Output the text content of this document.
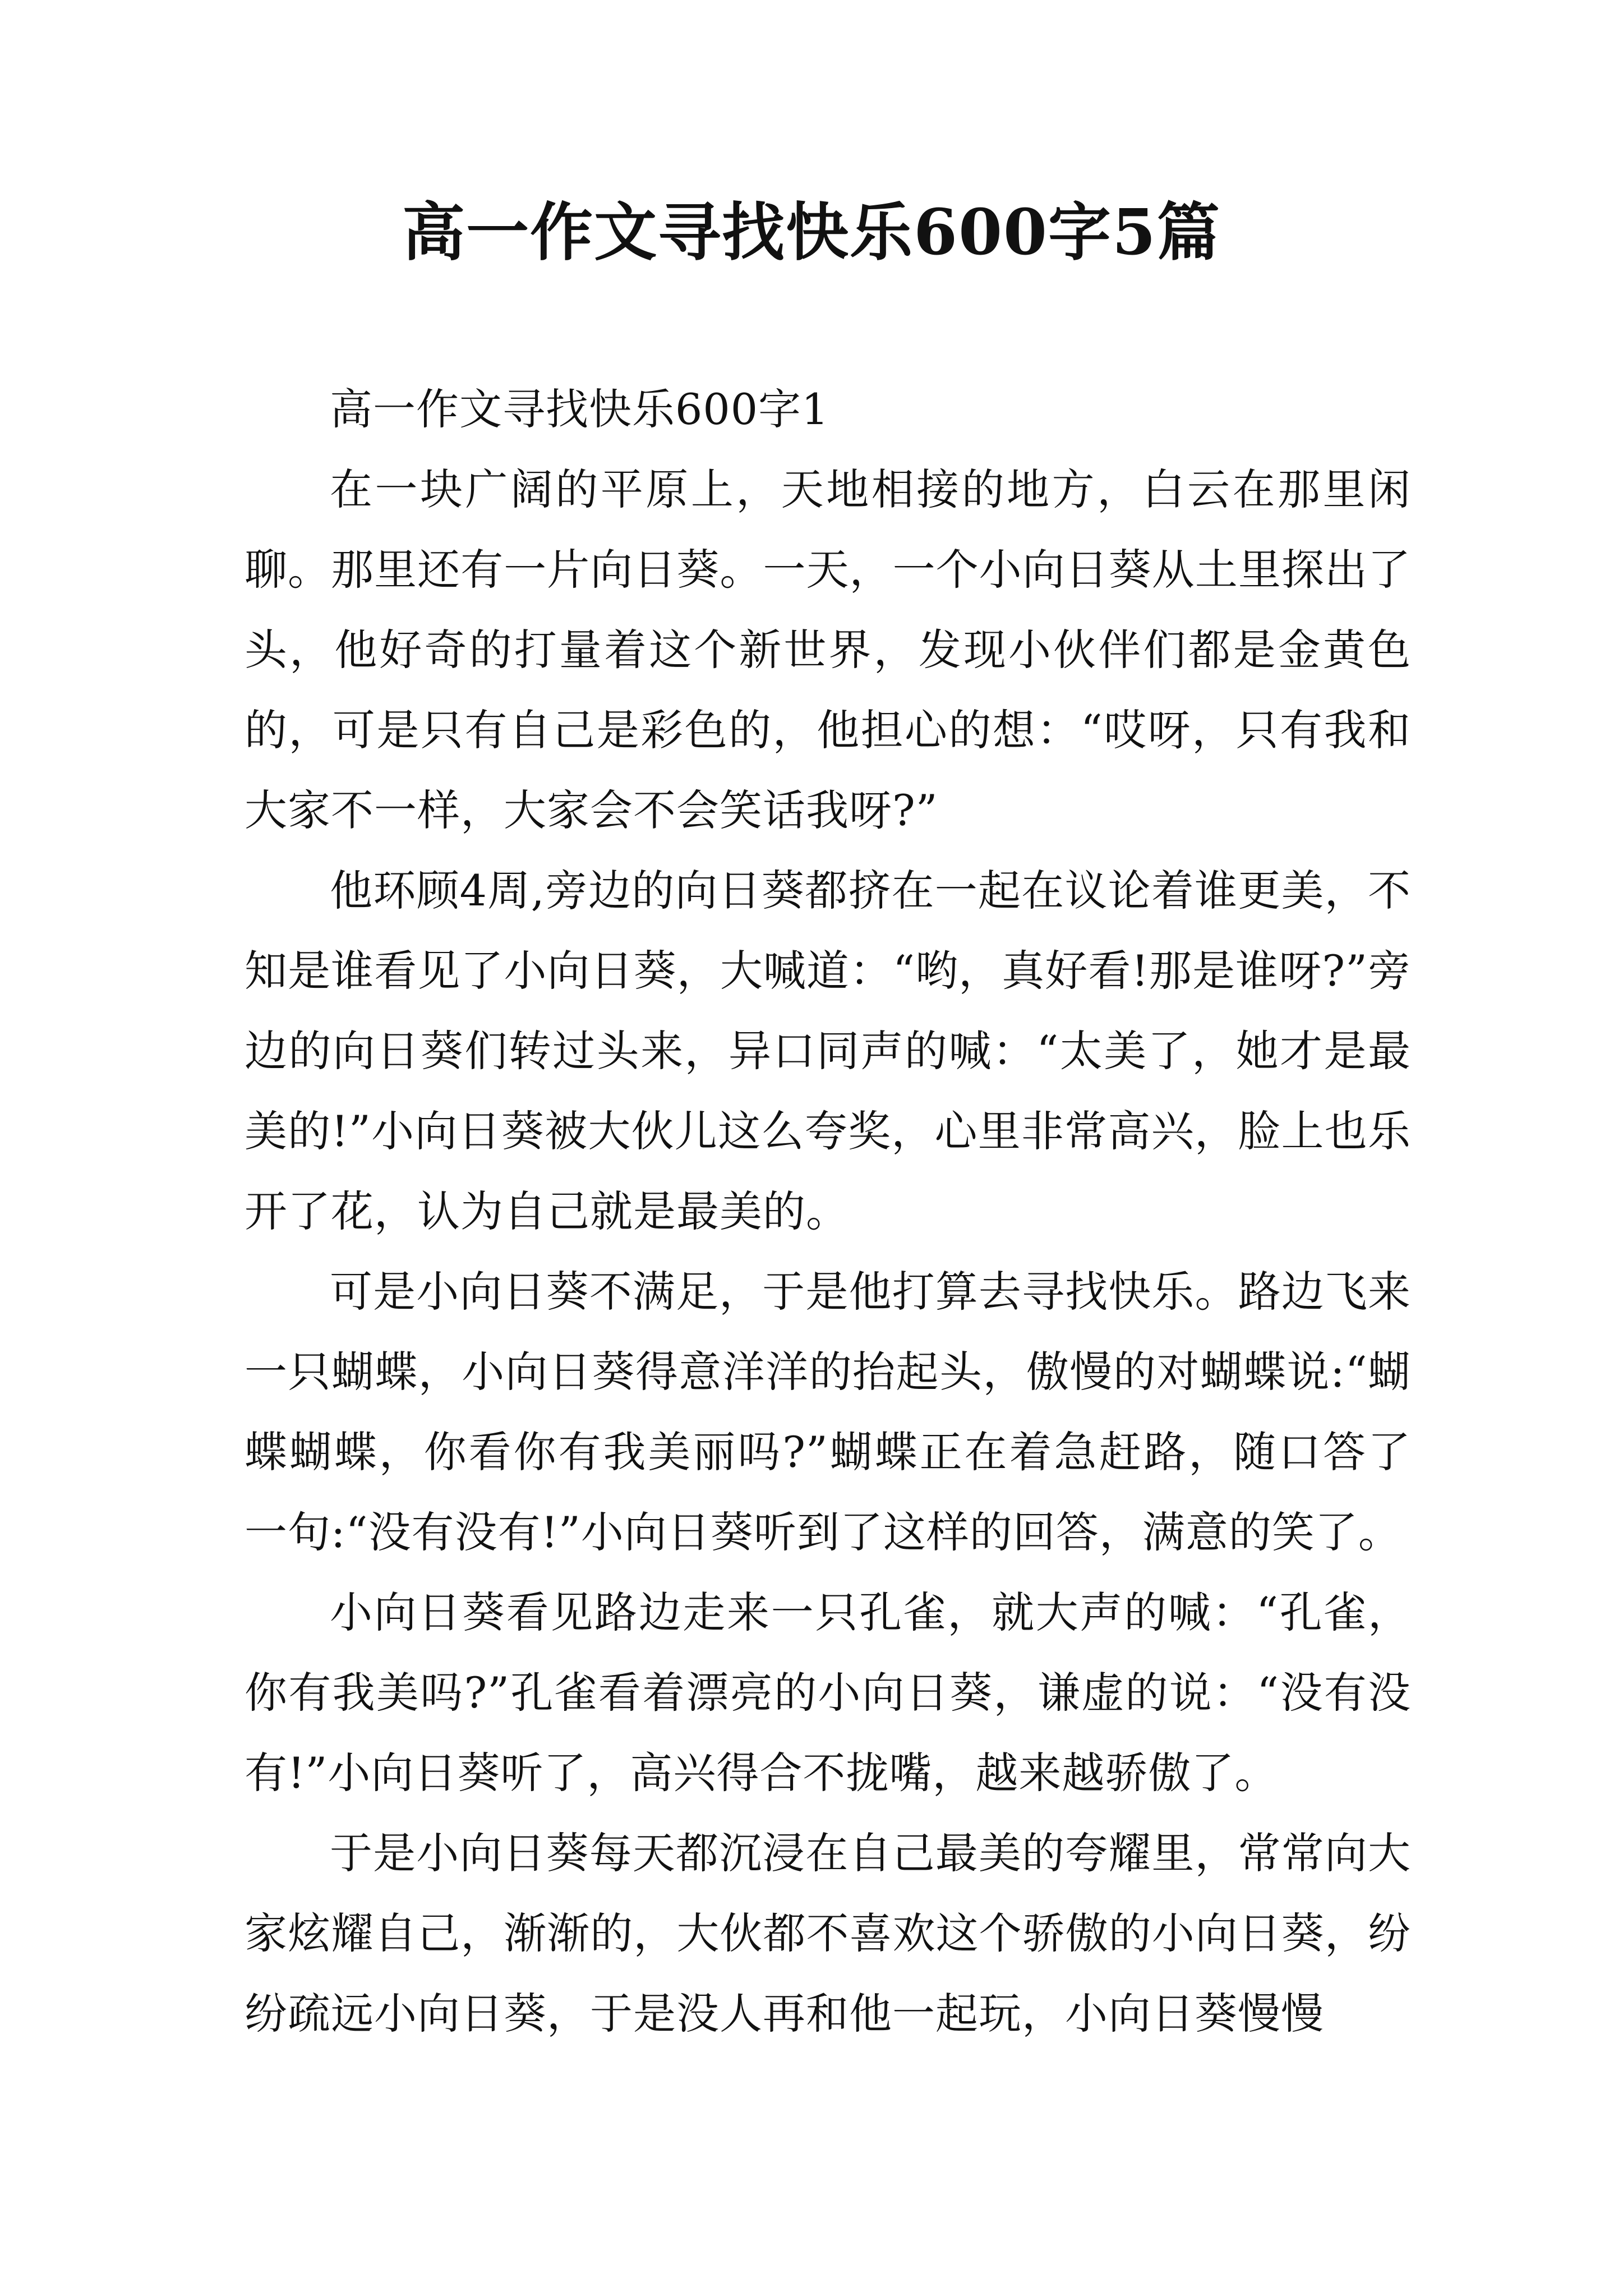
高一作文寻找快乐600字5篇

高一作文寻找快乐600字1

在一块广阔的平原上，天地相接的地方，白云在那里闲聊。那里还有一片向日葵。一天，一个小向日葵从土里探出了头，他好奇的打量着这个新世界，发现小伙伴们都是金黄色的，可是只有自己是彩色的，他担心的想：“哎呀，只有我和大家不一样，大家会不会笑话我呀?”

他环顾4周,旁边的向日葵都挤在一起在议论着谁更美，不知是谁看见了小向日葵，大喊道：“哟，真好看!那是谁呀?”旁边的向日葵们转过头来，异口同声的喊：“太美了，她才是最美的!”小向日葵被大伙儿这么夸奖，心里非常高兴，脸上也乐开了花，认为自己就是最美的。

可是小向日葵不满足，于是他打算去寻找快乐。路边飞来一只蝴蝶，小向日葵得意洋洋的抬起头，傲慢的对蝴蝶说:“蝴蝶蝴蝶，你看你有我美丽吗?”蝴蝶正在着急赶路，随口答了一句:“没有没有!”小向日葵听到了这样的回答，满意的笑了。

小向日葵看见路边走来一只孔雀，就大声的喊：“孔雀，你有我美吗?”孔雀看着漂亮的小向日葵，谦虚的说：“没有没有!”小向日葵听了，高兴得合不拢嘴，越来越骄傲了。

于是小向日葵每天都沉浸在自己最美的夸耀里，常常向大家炫耀自己，渐渐的，大伙都不喜欢这个骄傲的小向日葵，纷纷疏远小向日葵，于是没人再和他一起玩，小向日葵慢慢
